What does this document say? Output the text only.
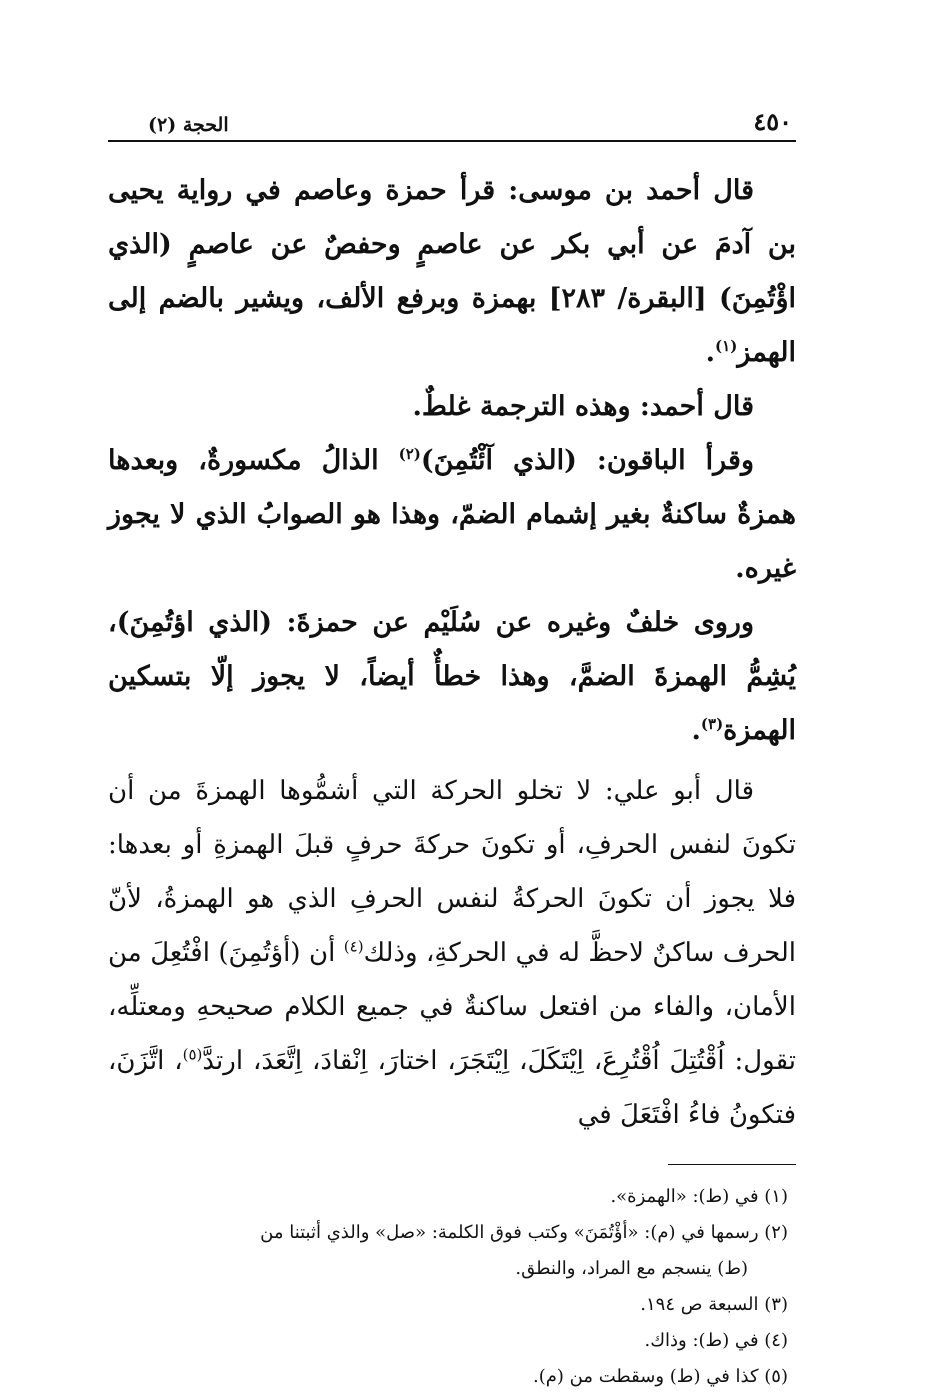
٤٥٠
الحجة (٢)

قال أحمد بن موسى: قرأ حمزة وعاصم في رواية يحيى بن آدمَ عن أبي بكر عن عاصمٍ وحفصٌ عن عاصمٍ (الذي اؤْتُمِنَ) [البقرة/ ٢٨٣] بهمزة وبرفع الألف، ويشير بالضم إلى الهمز$^{(١)}$.

قال أحمد: وهذه الترجمة غلطٌ.

وقرأ الباقون: (الذي آئْتُمِنَ)$^{(٢)}$ الذالُ مكسورةٌ، وبعدها همزةٌ ساكنةٌ بغير إشمام الضمّ، وهذا هو الصوابُ الذي لا يجوز غيره.

وروى خلفٌ وغيره عن سُلَيْم عن حمزةَ: (الذي اؤتُمِنَ)، يُشِمُّ الهمزةَ الضمَّ، وهذا خطأٌ أيضاً، لا يجوز إلّا بتسكين الهمزة$^{(٣)}$.

قال أبو علي: لا تخلو الحركة التي أشمُّوها الهمزةَ من أن تكونَ لنفس الحرفِ، أو تكونَ حركةَ حرفٍ قبلَ الهمزةِ أو بعدها: فلا يجوز أن تكونَ الحركةُ لنفس الحرفِ الذي هو الهمزةُ، لأنّ الحرف ساكنٌ لاحظَّ له في الحركةِ، وذلك$^{(٤)}$ أن (أؤتُمِنَ) افْتُعِلَ من الأمان، والفاء من افتعل ساكنةٌ في جميع الكلام صحيحهِ ومعتلِّه، تقول: اُقْتُتِلَ اُقْتُرِعَ، اِيْتَكَلَ، اِيْتَجَرَ، اختارَ، اِنْقادَ، اِتَّعَدَ، ارتدَّ$^{(٥)}$، اتَّزَنَ، فتكونُ فاءُ افْتَعَلَ في

(١) في (ط): «الهمزة».

(٢) رسمها في (م): «أؤْتُمَنَ» وكتب فوق الكلمة: «صل» والذي أثبتنا من

(ط) ينسجم مع المراد، والنطق.

(٣) السبعة ص ١٩٤.

(٤) في (ط): وذاك.

(٥) كذا في (ط) وسقطت من (م).
